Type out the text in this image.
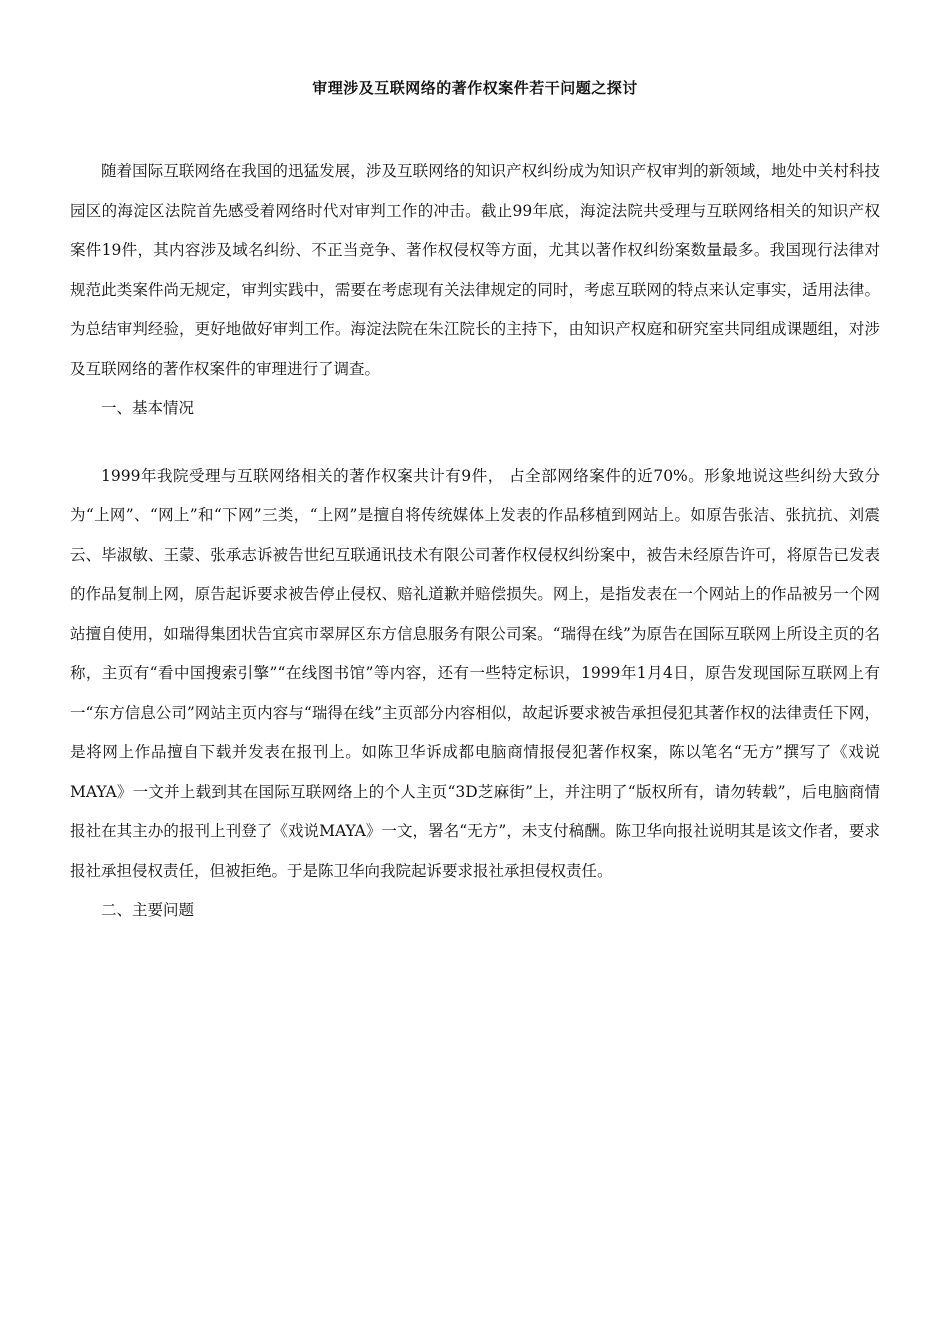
审理涉及互联网络的著作权案件若干问题之探讨

随着国际互联网络在我国的迅猛发展，涉及互联网络的知识产权纠纷成为知识产权审判的新领域，地处中关村科技园区的海淀区法院首先感受着网络时代对审判工作的冲击。截止99年底，海淀法院共受理与互联网络相关的知识产权案件19件，其内容涉及域名纠纷、不正当竞争、著作权侵权等方面，尤其以著作权纠纷案数量最多。我国现行法律对规范此类案件尚无规定，审判实践中，需要在考虑现有关法律规定的同时，考虑互联网的特点来认定事实，适用法律。为总结审判经验，更好地做好审判工作。海淀法院在朱江院长的主持下，由知识产权庭和研究室共同组成课题组，对涉及互联网络的著作权案件的审理进行了调查。

一、基本情况

1999年我院受理与互联网络相关的著作权案共计有9件， 占全部网络案件的近70%。形象地说这些纠纷大致分为“上网”、“网上”和“下网”三类，“上网”是擅自将传统媒体上发表的作品移植到网站上。如原告张洁、张抗抗、刘震云、毕淑敏、王蒙、张承志诉被告世纪互联通讯技术有限公司著作权侵权纠纷案中，被告未经原告许可，将原告已发表的作品复制上网，原告起诉要求被告停止侵权、赔礼道歉并赔偿损失。网上，是指发表在一个网站上的作品被另一个网站擅自使用，如瑞得集团状告宜宾市翠屏区东方信息服务有限公司案。“瑞得在线”为原告在国际互联网上所设主页的名称，主页有“看中国搜索引擎”“在线图书馆”等内容，还有一些特定标识，1999年1月4日，原告发现国际互联网上有一“东方信息公司”网站主页内容与“瑞得在线”主页部分内容相似，故起诉要求被告承担侵犯其著作权的法律责任下网，是将网上作品擅自下载并发表在报刊上。如陈卫华诉成都电脑商情报侵犯著作权案，陈以笔名“无方”撰写了《戏说MAYA》一文并上载到其在国际互联网络上的个人主页“3D芝麻街”上，并注明了“版权所有，请勿转载”，后电脑商情报社在其主办的报刊上刊登了《戏说MAYA》一文，署名“无方”，未支付稿酬。陈卫华向报社说明其是该文作者，要求报社承担侵权责任，但被拒绝。于是陈卫华向我院起诉要求报社承担侵权责任。

二、主要问题
